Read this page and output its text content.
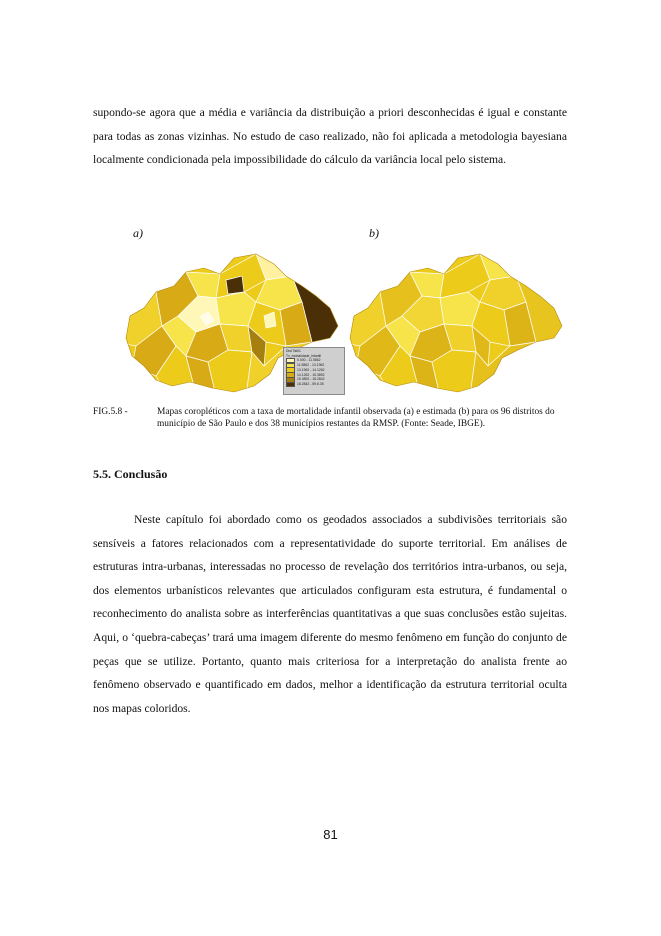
supondo-se agora que a média e variância da distribuição a priori desconhecidas é igual e constante para todas as zonas vizinhas. No estudo de caso realizado, não foi aplicada a metodologia bayesiana localmente condicionada pela impossibilidade do cálculo da variância local pelo sistema.

a)	b)
Dist Tabl1
Tx_mortalidade_infantil
0.000 - 11.5862
11.5862 - 13.1962
13.1962 - 14.1262
14.1262 - 15.3892
15.3892 - 18.2842
18.2842 - 59.6.35
FIG.5.8 -	Mapas coropléticos com a taxa de mortalidade infantil observada (a) e estimada (b) para os 96 distritos do município de São Paulo e dos 38 municípios restantes da RMSP. (Fonte: Seade, IBGE).
5.5. Conclusão

Neste capítulo foi abordado como os geodados associados a subdivisões territoriais são sensíveis a fatores relacionados com a representatividade do suporte territorial. Em análises de estruturas intra-urbanas, interessadas no processo de revelação dos territórios intra-urbanos, ou seja, dos elementos urbanísticos relevantes que articulados configuram esta estrutura, é fundamental o reconhecimento do analista sobre as interferências quantitativas a que suas conclusões estão sujeitas. Aqui, o ‘quebra-cabeças’ trará uma imagem diferente do mesmo fenômeno em função do conjunto de peças que se utilize. Portanto, quanto mais criteriosa for a interpretação do analista frente ao fenômeno observado e quantificado em dados, melhor a identificação da estrutura territorial oculta nos mapas coloridos.

81
